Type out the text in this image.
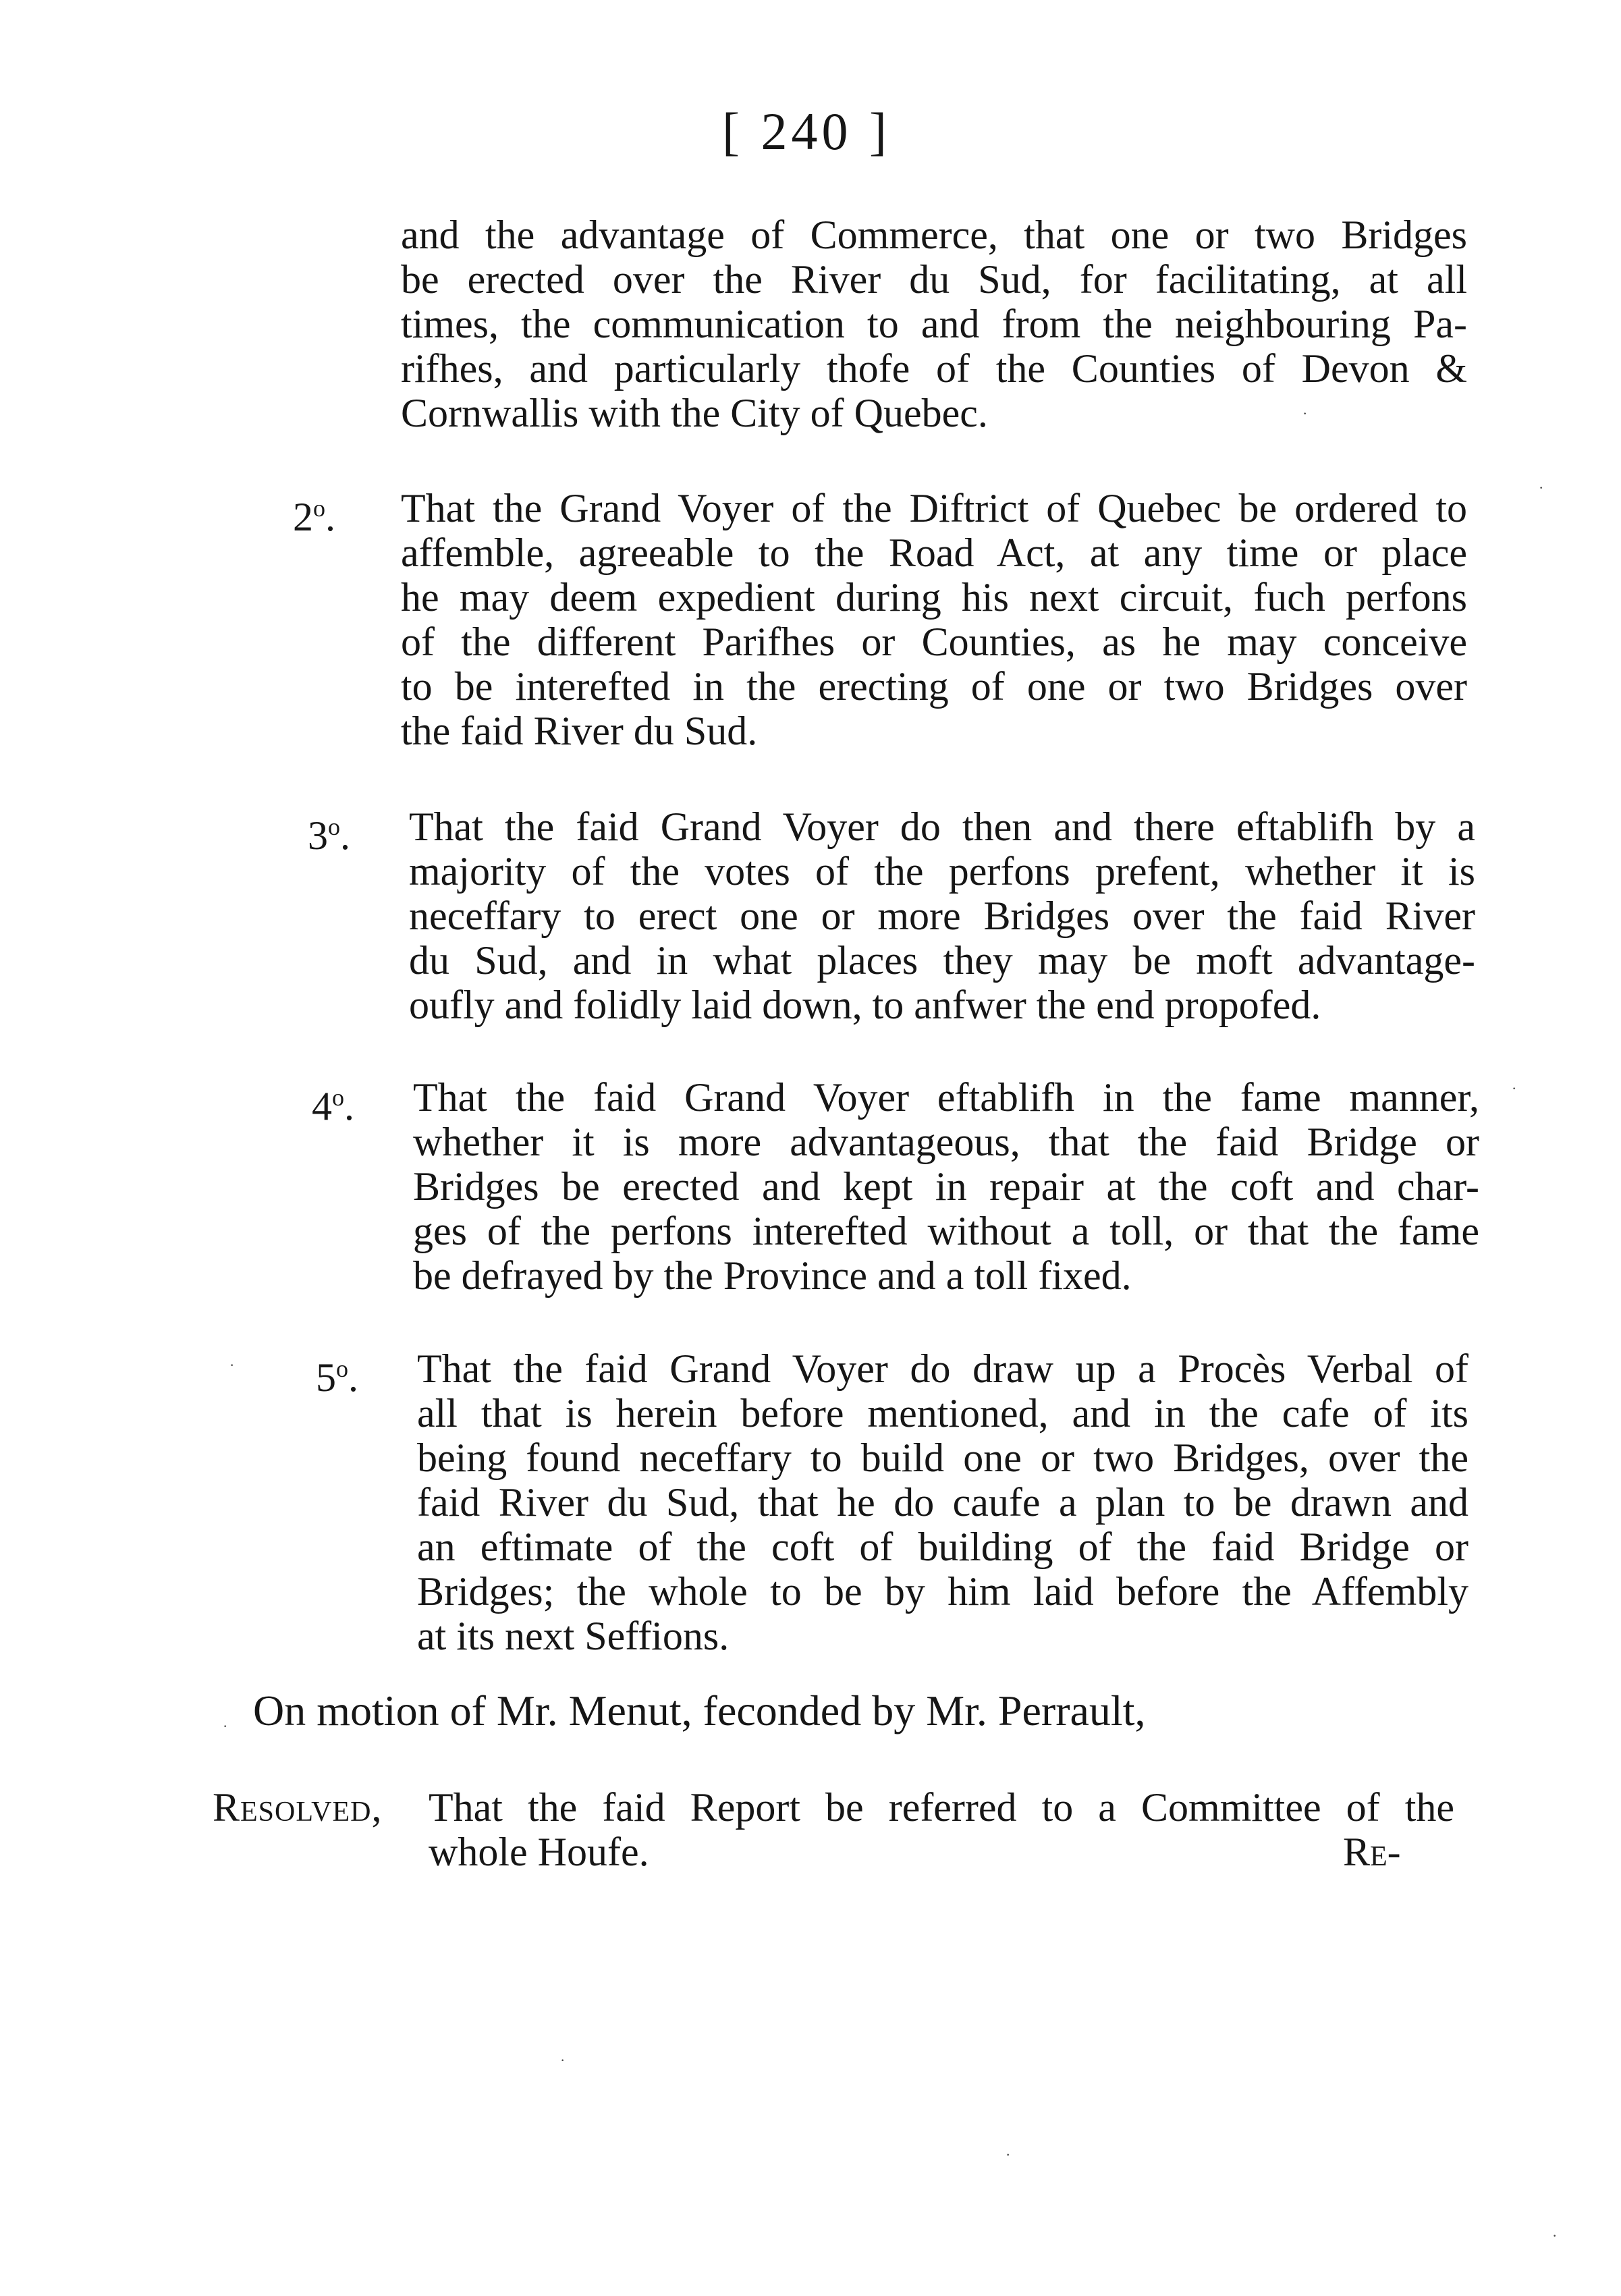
[ 240 ]
and the advantage of Commerce, that one or two Bridges
be erected over the River du Sud, for facilitating, at all
times, the communication to and from the neighbouring Pa-
rifhes, and particularly thofe of the Counties of Devon &
Cornwallis with the City of Quebec.
2$^o$. That the Grand Voyer of the Diftrict of Quebec be ordered to
affemble, agreeable to the Road Act, at any time or place
he may deem expedient during his next circuit, fuch perfons
of the different Parifhes or Counties, as he may conceive
to be interefted in the erecting of one or two Bridges over
the faid River du Sud.
3$^o$. That the faid Grand Voyer do then and there eftablifh by a
majority of the votes of the perfons prefent, whether it is
neceffary to erect one or more Bridges over the faid River
du Sud, and in what places they may be moft advantage-
oufly and folidly laid down, to anfwer the end propofed.
4$^o$. That the faid Grand Voyer eftablifh in the fame manner,
whether it is more advantageous, that the faid Bridge or
Bridges be erected and kept in repair at the coft and char-
ges of the perfons interefted without a toll, or that the fame
be defrayed by the Province and a toll fixed.
5$^o$. That the faid Grand Voyer do draw up a Procès Verbal of
all that is herein before mentioned, and in the cafe of its
being found neceffary to build one or two Bridges, over the
faid River du Sud, that he do caufe a plan to be drawn and
an eftimate of the coft of building of the faid Bridge or
Bridges; the whole to be by him laid before the Affembly
at its next Seffions.
On motion of Mr. Menut, feconded by Mr. Perrault,
Resolved, That the faid Report be referred to a Committee of the
whole Houfe.	Re-
·
·
·
·
·
·
·
·
